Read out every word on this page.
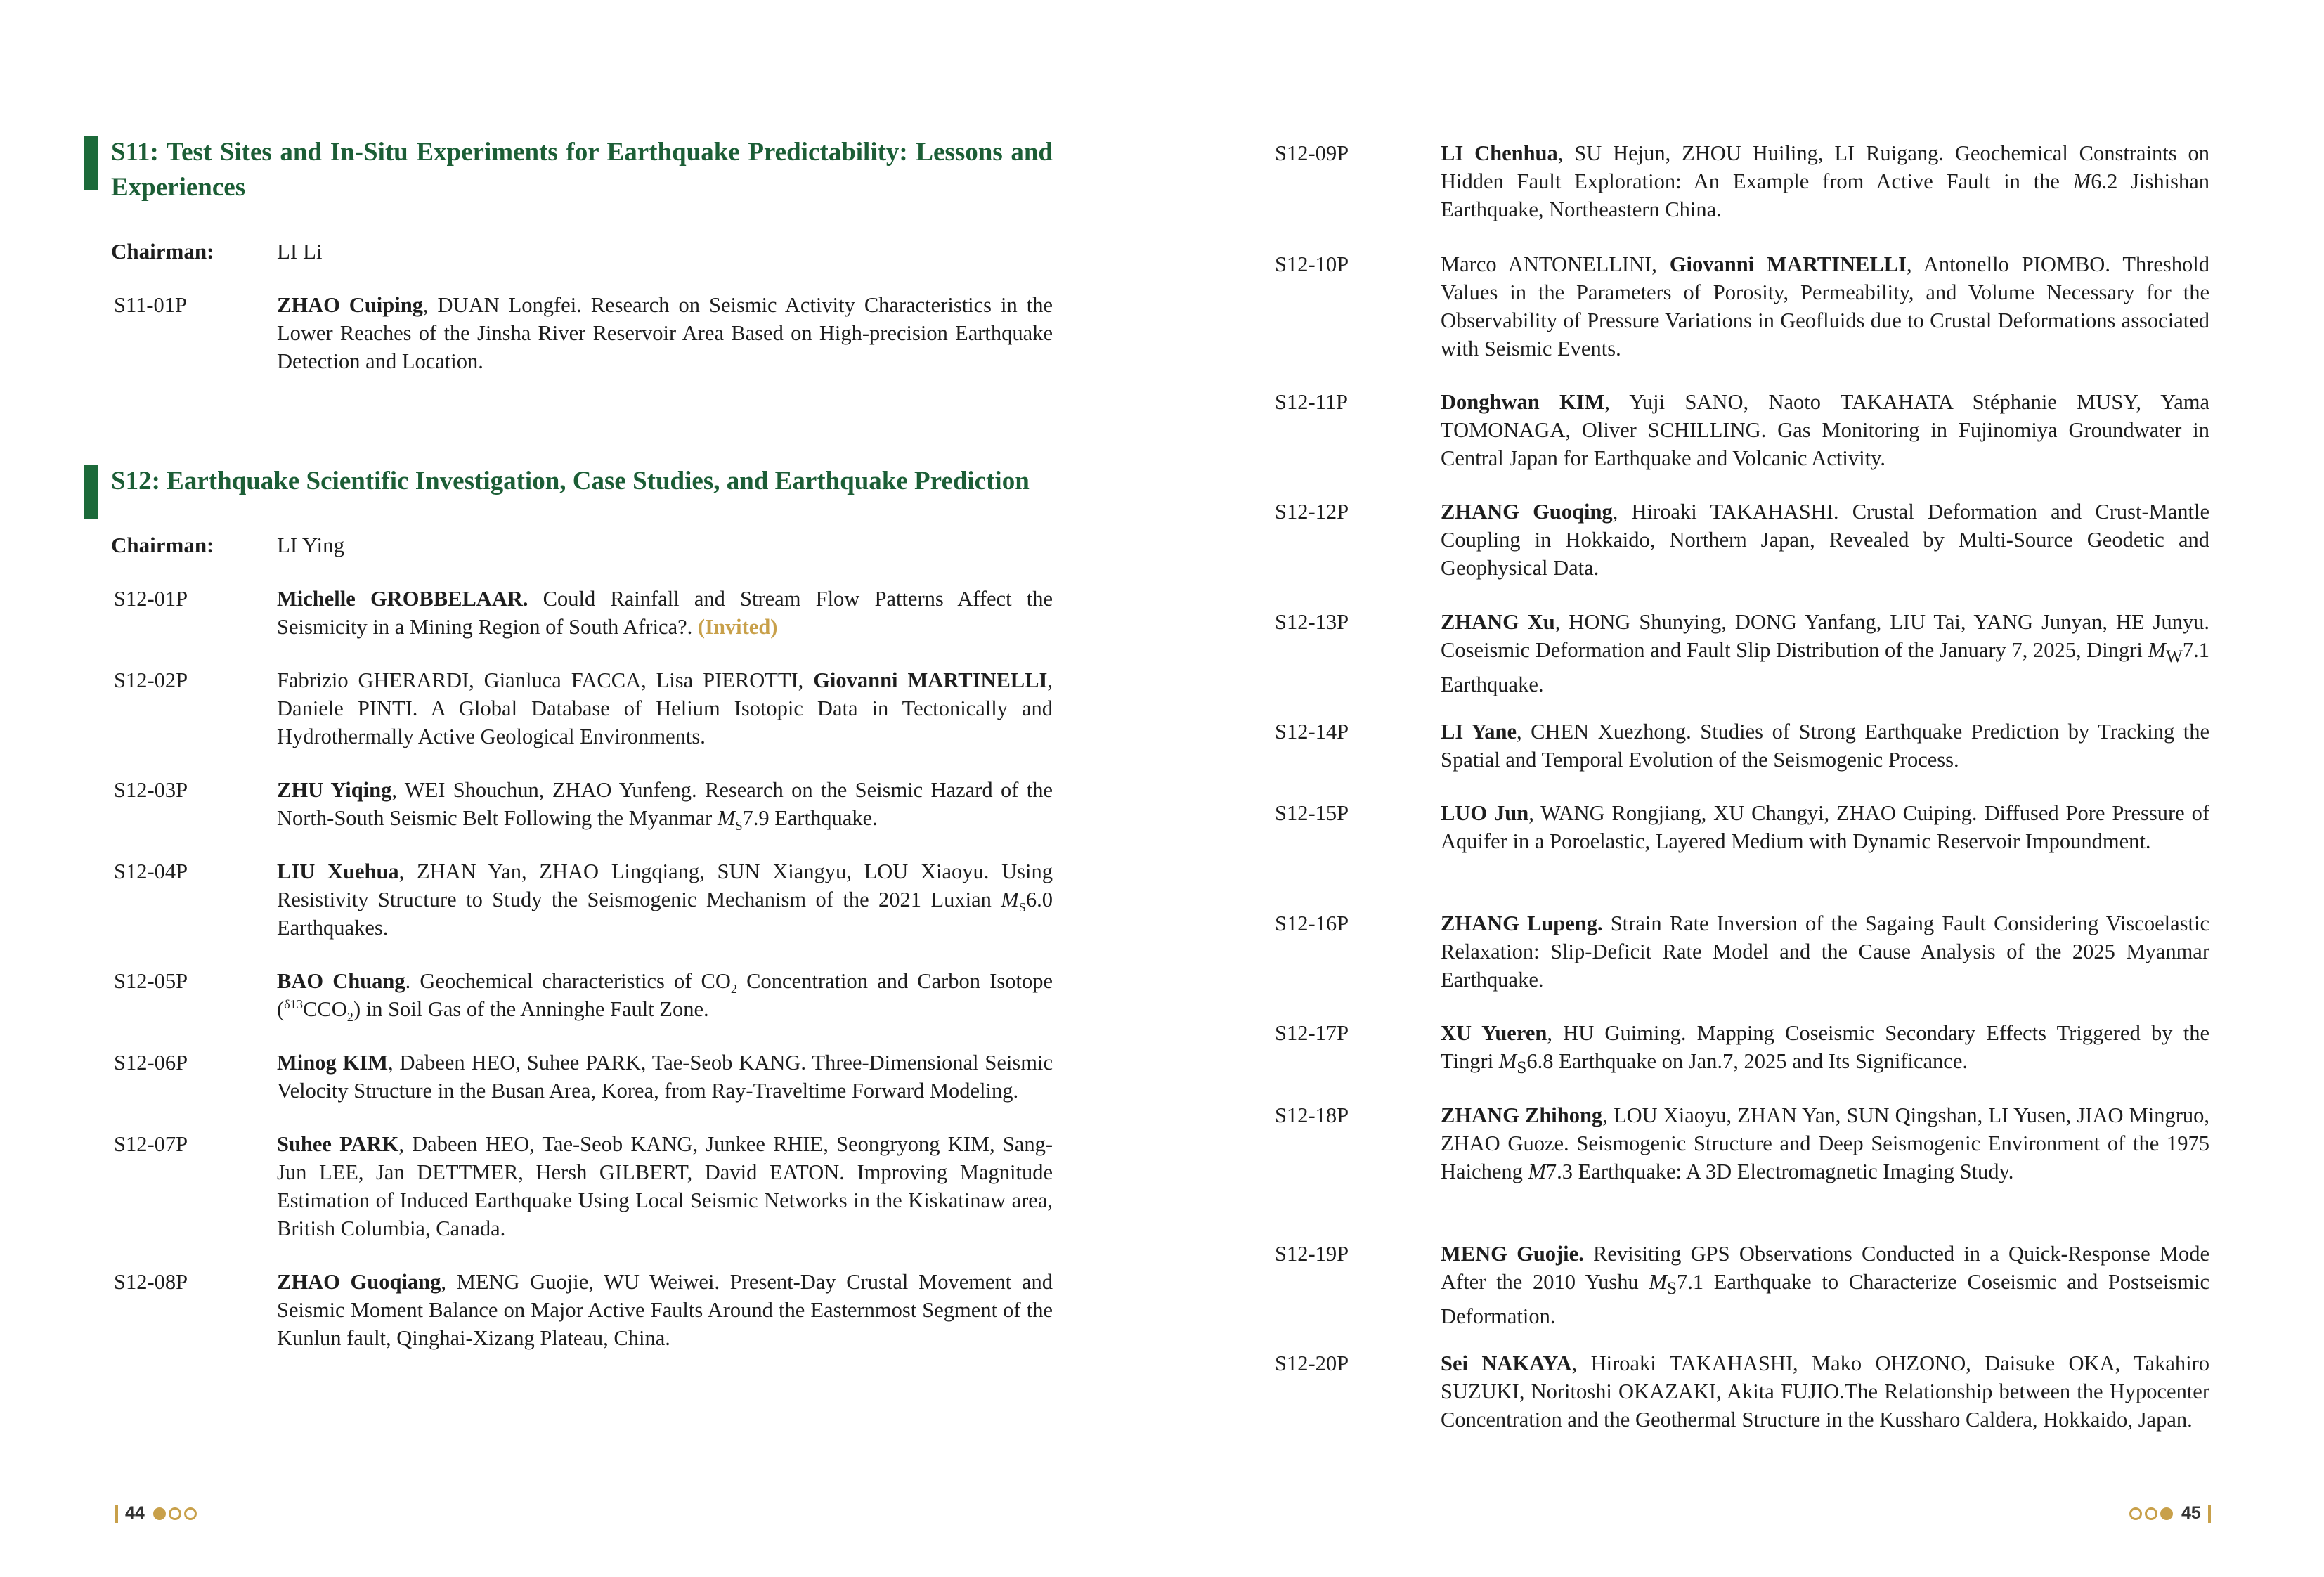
S11: Test Sites and In-Situ Experiments for Earthquake Predictability: Lessons and Experiences
Chairman:	LI Li
S11-01P	ZHAO Cuiping, DUAN Longfei. Research on Seismic Activity Characteristics in the Lower Reaches of the Jinsha River Reservoir Area Based on High-precision Earthquake Detection and Location.
S12: Earthquake Scientific Investigation, Case Studies, and Earthquake Prediction
Chairman:	LI Ying
S12-01P	Michelle GROBBELAAR. Could Rainfall and Stream Flow Patterns Affect the Seismicity in a Mining Region of South Africa?. (Invited)
S12-02P	Fabrizio GHERARDI, Gianluca FACCA, Lisa PIEROTTI, Giovanni MARTINELLI, Daniele PINTI. A Global Database of Helium Isotopic Data in Tectonically and Hydrothermally Active Geological Environments.
S12-03P	ZHU Yiqing, WEI Shouchun, ZHAO Yunfeng. Research on the Seismic Hazard of the North-South Seismic Belt Following the Myanmar $M_S7.9$ Earthquake.
S12-04P	LIU Xuehua, ZHAN Yan, ZHAO Lingqiang, SUN Xiangyu, LOU Xiaoyu. Using Resistivity Structure to Study the Seismogenic Mechanism of the 2021 Luxian $M_S6.0$ Earthquakes.
S12-05P	BAO Chuang. Geochemical characteristics of $CO_2$ Concentration and Carbon Isotope $(^{\delta 13}CCO_2)$ in Soil Gas of the Anninghe Fault Zone.
S12-06P	Minog KIM, Dabeen HEO, Suhee PARK, Tae-Seob KANG. Three-Dimensional Seismic Velocity Structure in the Busan Area, Korea, from Ray-Traveltime Forward Modeling.
S12-07P	Suhee PARK, Dabeen HEO, Tae-Seob KANG, Junkee RHIE, Seongryong KIM, Sang-Jun LEE, Jan DETTMER, Hersh GILBERT, David EATON. Improving Magnitude Estimation of Induced Earthquake Using Local Seismic Networks in the Kiskatinaw area, British Columbia, Canada.
S12-08P	ZHAO Guoqiang, MENG Guojie, WU Weiwei. Present-Day Crustal Movement and Seismic Moment Balance on Major Active Faults Around the Easternmost Segment of the Kunlun fault, Qinghai-Xizang Plateau, China.
44
S12-09P	LI Chenhua, SU Hejun, ZHOU Huiling, LI Ruigang. Geochemical Constraints on Hidden Fault Exploration: An Example from Active Fault in the M6.2 Jishishan Earthquake, Northeastern China.
S12-10P	Marco ANTONELLINI, Giovanni MARTINELLI, Antonello PIOMBO. Threshold Values in the Parameters of Porosity, Permeability, and Volume Necessary for the Observability of Pressure Variations in Geofluids due to Crustal Deformations associated with Seismic Events.
S12-11P	Donghwan KIM, Yuji SANO, Naoto TAKAHATA Stéphanie MUSY, Yama TOMONAGA, Oliver SCHILLING. Gas Monitoring in Fujinomiya Groundwater in Central Japan for Earthquake and Volcanic Activity.
S12-12P	ZHANG Guoqing, Hiroaki TAKAHASHI. Crustal Deformation and Crust-Mantle Coupling in Hokkaido, Northern Japan, Revealed by Multi-Source Geodetic and Geophysical Data.
S12-13P	ZHANG Xu, HONG Shunying, DONG Yanfang, LIU Tai, YANG Junyan, HE Junyu. Coseismic Deformation and Fault Slip Distribution of the January 7, 2025, Dingri $M_W7.1$ Earthquake.
S12-14P	LI Yane, CHEN Xuezhong. Studies of Strong Earthquake Prediction by Tracking the Spatial and Temporal Evolution of the Seismogenic Process.
S12-15P	LUO Jun, WANG Rongjiang, XU Changyi, ZHAO Cuiping. Diffused Pore Pressure of Aquifer in a Poroelastic, Layered Medium with Dynamic Reservoir Impoundment.
S12-16P	ZHANG Lupeng. Strain Rate Inversion of the Sagaing Fault Considering Viscoelastic Relaxation: Slip-Deficit Rate Model and the Cause Analysis of the 2025 Myanmar Earthquake.
S12-17P	XU Yueren, HU Guiming. Mapping Coseismic Secondary Effects Triggered by the Tingri $M_S6.8$ Earthquake on Jan.7, 2025 and Its Significance.
S12-18P	ZHANG Zhihong, LOU Xiaoyu, ZHAN Yan, SUN Qingshan, LI Yusen, JIAO Mingruo, ZHAO Guoze. Seismogenic Structure and Deep Seismogenic Environment of the 1975 Haicheng M7.3 Earthquake: A 3D Electromagnetic Imaging Study.
S12-19P	MENG Guojie. Revisiting GPS Observations Conducted in a Quick-Response Mode After the 2010 Yushu $M_S7.1$ Earthquake to Characterize Coseismic and Postseismic Deformation.
S12-20P	Sei NAKAYA, Hiroaki TAKAHASHI, Mako OHZONO, Daisuke OKA, Takahiro SUZUKI, Noritoshi OKAZAKI, Akita FUJIO.The Relationship between the Hypocenter Concentration and the Geothermal Structure in the Kussharo Caldera, Hokkaido, Japan.
45
